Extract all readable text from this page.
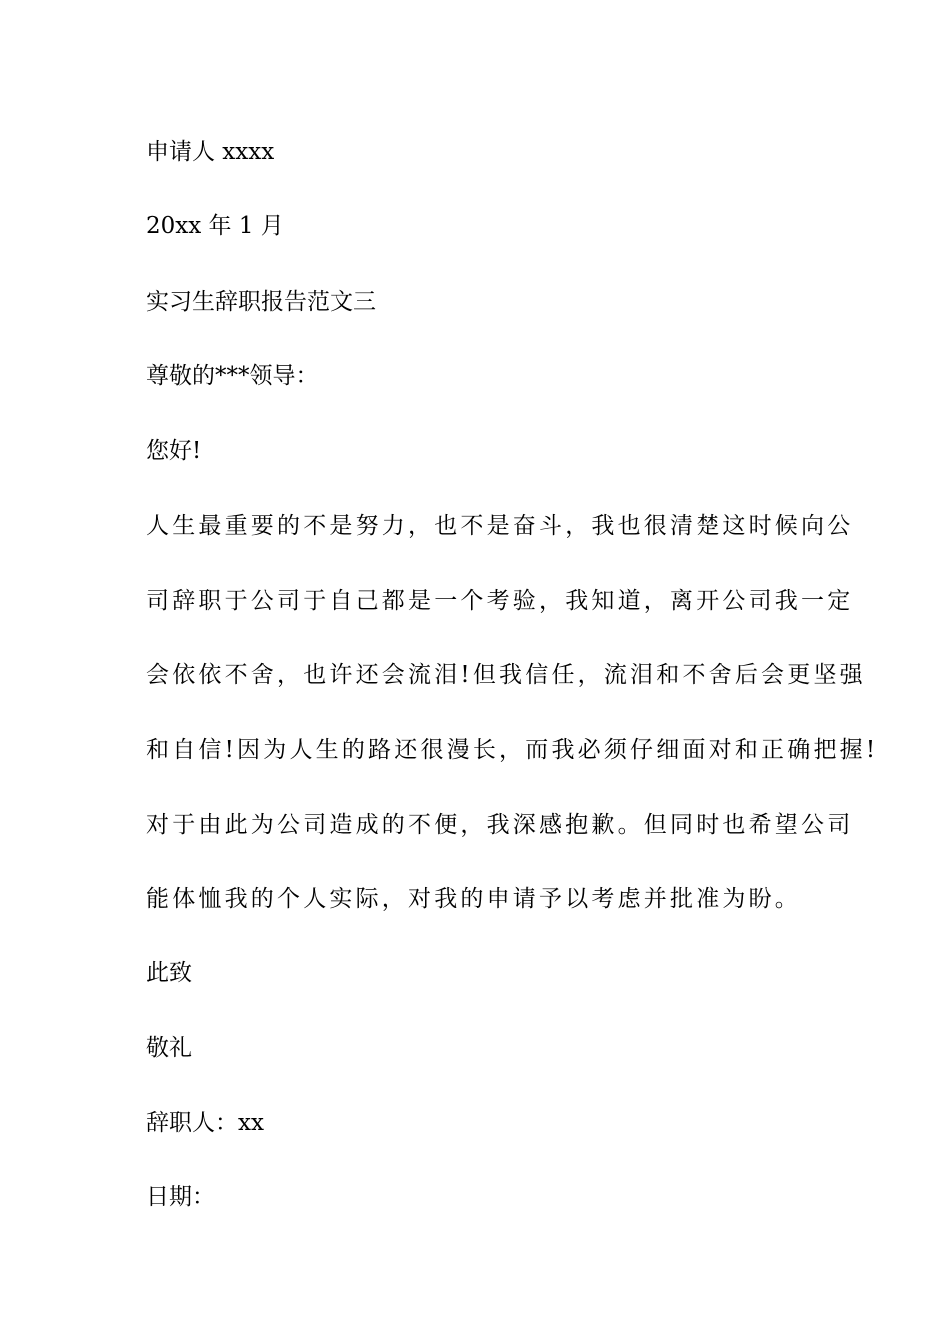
申请人 xxxx

20xx 年 1 月

实习生辞职报告范文三

尊敬的***领导：

您好!

人生最重要的不是努力，也不是奋斗，我也很清楚这时候向公

司辞职于公司于自己都是一个考验，我知道，离开公司我一定

会依依不舍，也许还会流泪!但我信任，流泪和不舍后会更坚强

和自信!因为人生的路还很漫长，而我必须仔细面对和正确把握!

对于由此为公司造成的不便，我深感抱歉。但同时也希望公司

能体恤我的个人实际，对我的申请予以考虑并批准为盼。

此致

敬礼

辞职人：xx

日期：
